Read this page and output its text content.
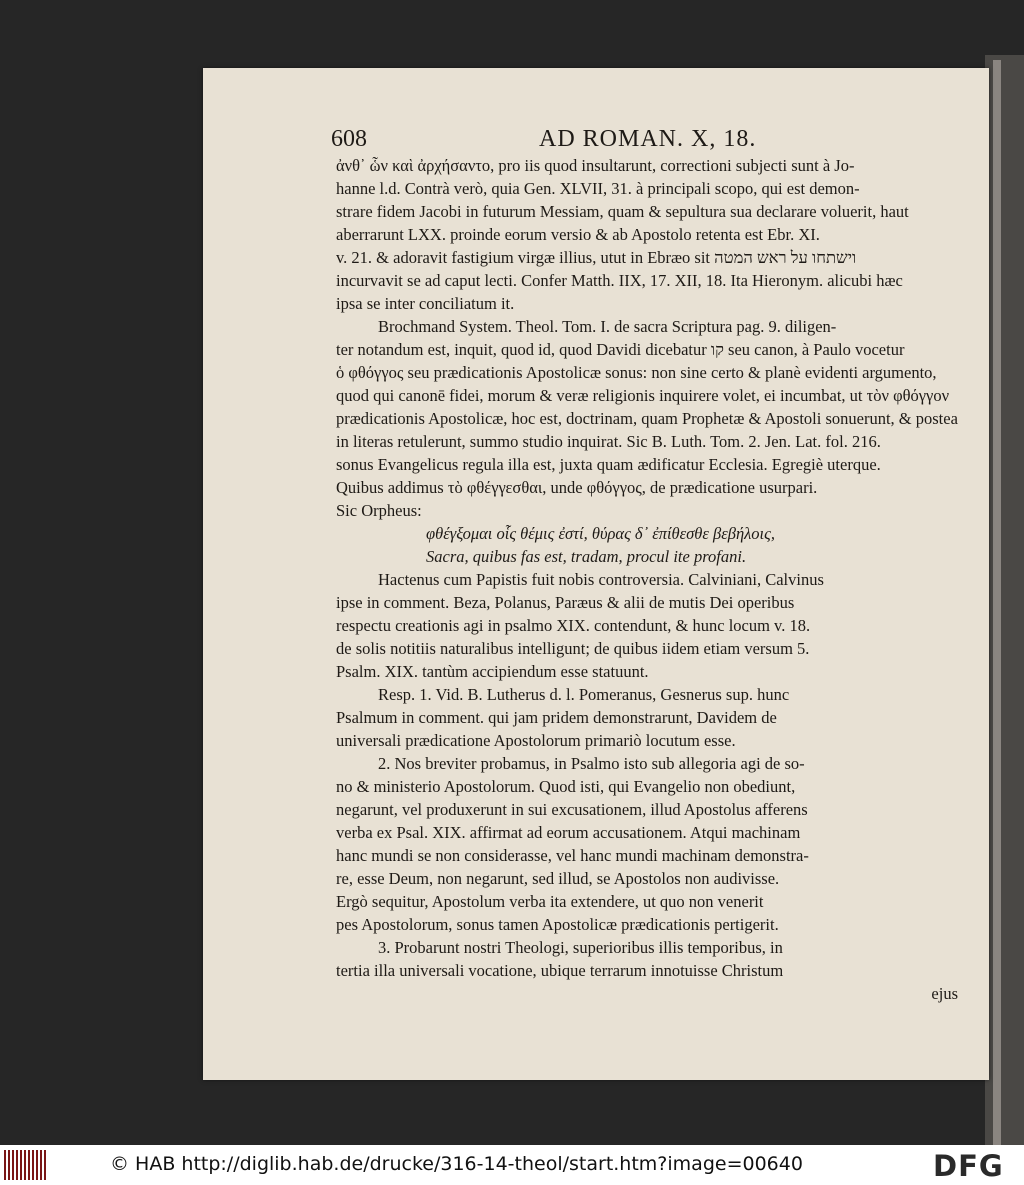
608	AD ROMAN. X, 18.
ἀνθ᾽ ὧν καὶ ἀρχήσαντο, pro iis quod insultarunt, correctioni subjecti sunt à Jo-
hanne l.d. Contrà verò, quia Gen. XLVII, 31. à principali scopo, qui est demon-
strare fidem Jacobi in futurum Messiam, quam & sepultura sua declarare voluerit, haut
aberrarunt LXX. proinde eorum versio & ab Apostolo retenta est Ebr. XI.
v. 21. & adoravit fastigium virgæ illius, utut in Ebræo sit וישתחו על ראש המטה
incurvavit se ad caput lecti. Confer Matth. IIX, 17. XII, 18. Ita Hieronym. alicubi hæc
ipsa se inter conciliatum it.
Brochmand System. Theol. Tom. I. de sacra Scriptura pag. 9. diligen-
ter notandum est, inquit, quod id, quod Davidi dicebatur קו seu canon, à Paulo vocetur
ὁ φθόγγος seu prædicationis Apostolicæ sonus: non sine certo & planè evidenti argumento,
quod qui canonē fidei, morum & veræ religionis inquirere volet, ei incumbat, ut τὸν φθόγγον
prædicationis Apostolicæ, hoc est, doctrinam, quam Prophetæ & Apostoli sonuerunt, & postea
in literas retulerunt, summo studio inquirat. Sic B. Luth. Tom. 2. Jen. Lat. fol. 216.
sonus Evangelicus regula illa est, juxta quam ædificatur Ecclesia. Egregiè uterque.
Quibus addimus τὸ φθέγγεσθαι, unde φθόγγος, de prædicatione usurpari.
Sic Orpheus:
φθέγξομαι οἷς θέμις ἐστί, θύρας δ᾽ ἐπίθεσθε βεβήλοις,
Sacra, quibus fas est, tradam, procul ite profani.
Hactenus cum Papistis fuit nobis controversia. Calviniani, Calvinus
ipse in comment. Beza, Polanus, Paræus & alii de mutis Dei operibus
respectu creationis agi in psalmo XIX. contendunt, & hunc locum v. 18.
de solis notitiis naturalibus intelligunt; de quibus iidem etiam versum 5.
Psalm. XIX. tantùm accipiendum esse statuunt.
Resp. 1. Vid. B. Lutherus d. l. Pomeranus, Gesnerus sup. hunc
Psalmum in comment. qui jam pridem demonstrarunt, Davidem de
universali prædicatione Apostolorum primariò locutum esse.
2. Nos breviter probamus, in Psalmo isto sub allegoria agi de so-
no & ministerio Apostolorum. Quod isti, qui Evangelio non obediunt,
negarunt, vel produxerunt in sui excusationem, illud Apostolus afferens
verba ex Psal. XIX. affirmat ad eorum accusationem. Atqui machinam
hanc mundi se non considerasse, vel hanc mundi machinam demonstra-
re, esse Deum, non negarunt, sed illud, se Apostolos non audivisse.
Ergò sequitur, Apostolum verba ita extendere, ut quo non venerit
pes Apostolorum, sonus tamen Apostolicæ prædicationis pertigerit.
3. Probarunt nostri Theologi, superioribus illis temporibus, in
tertia illa universali vocatione, ubique terrarum innotuisse Christum
ejus
© HAB http://diglib.hab.de/drucke/316-14-theol/start.htm?image=00640	DFG
